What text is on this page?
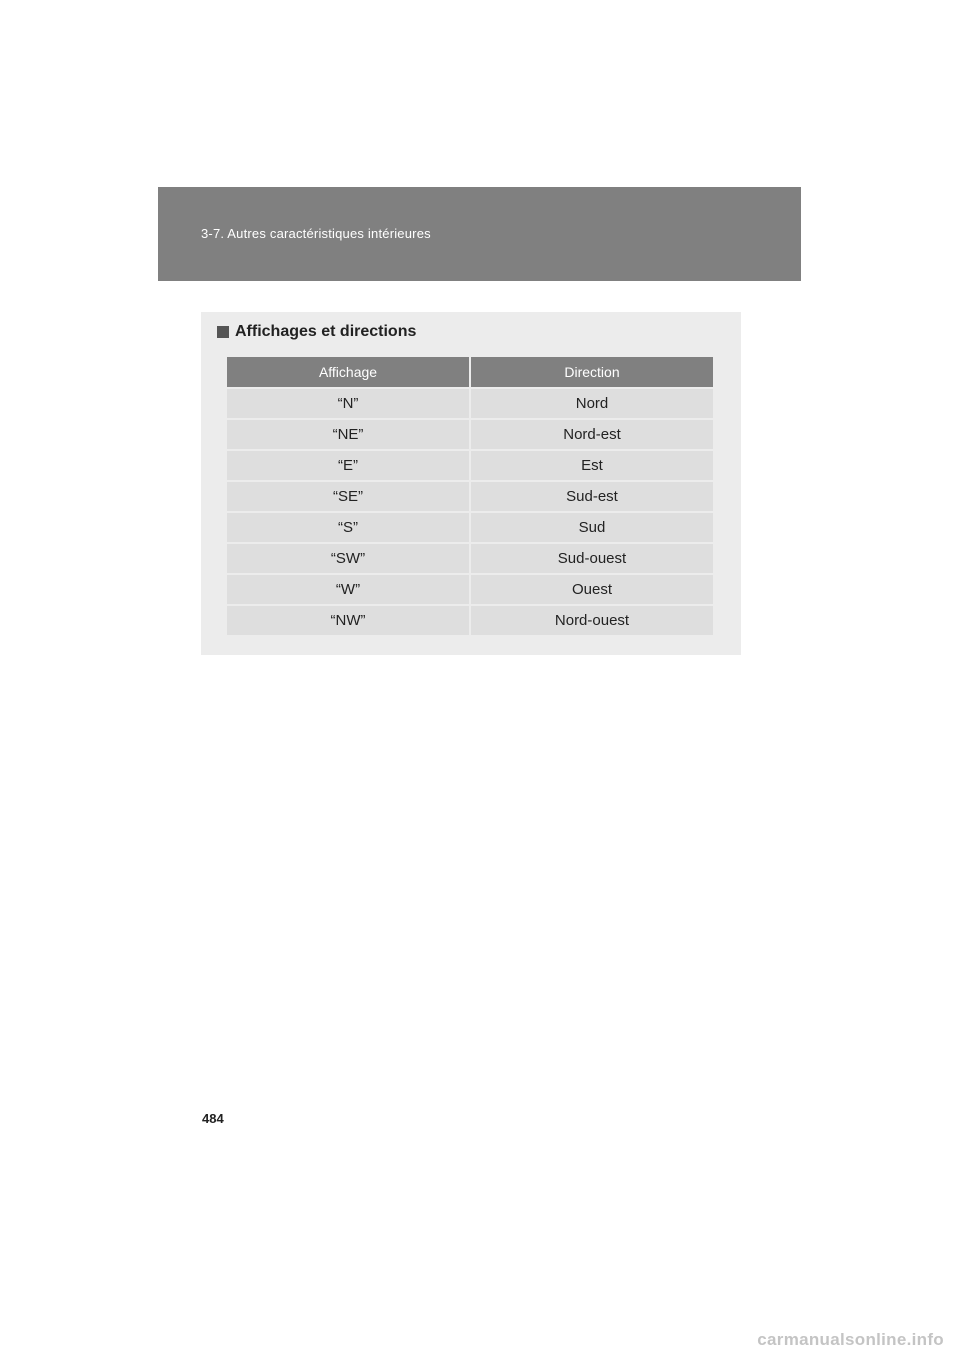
3-7. Autres caractéristiques intérieures
Affichages et directions
Affichage	Direction
“N”	Nord
“NE”	Nord-est
“E”	Est
“SE”	Sud-est
“S”	Sud
“SW”	Sud-ouest
“W”	Ouest
“NW”	Nord-ouest
484
carmanualsonline.info
